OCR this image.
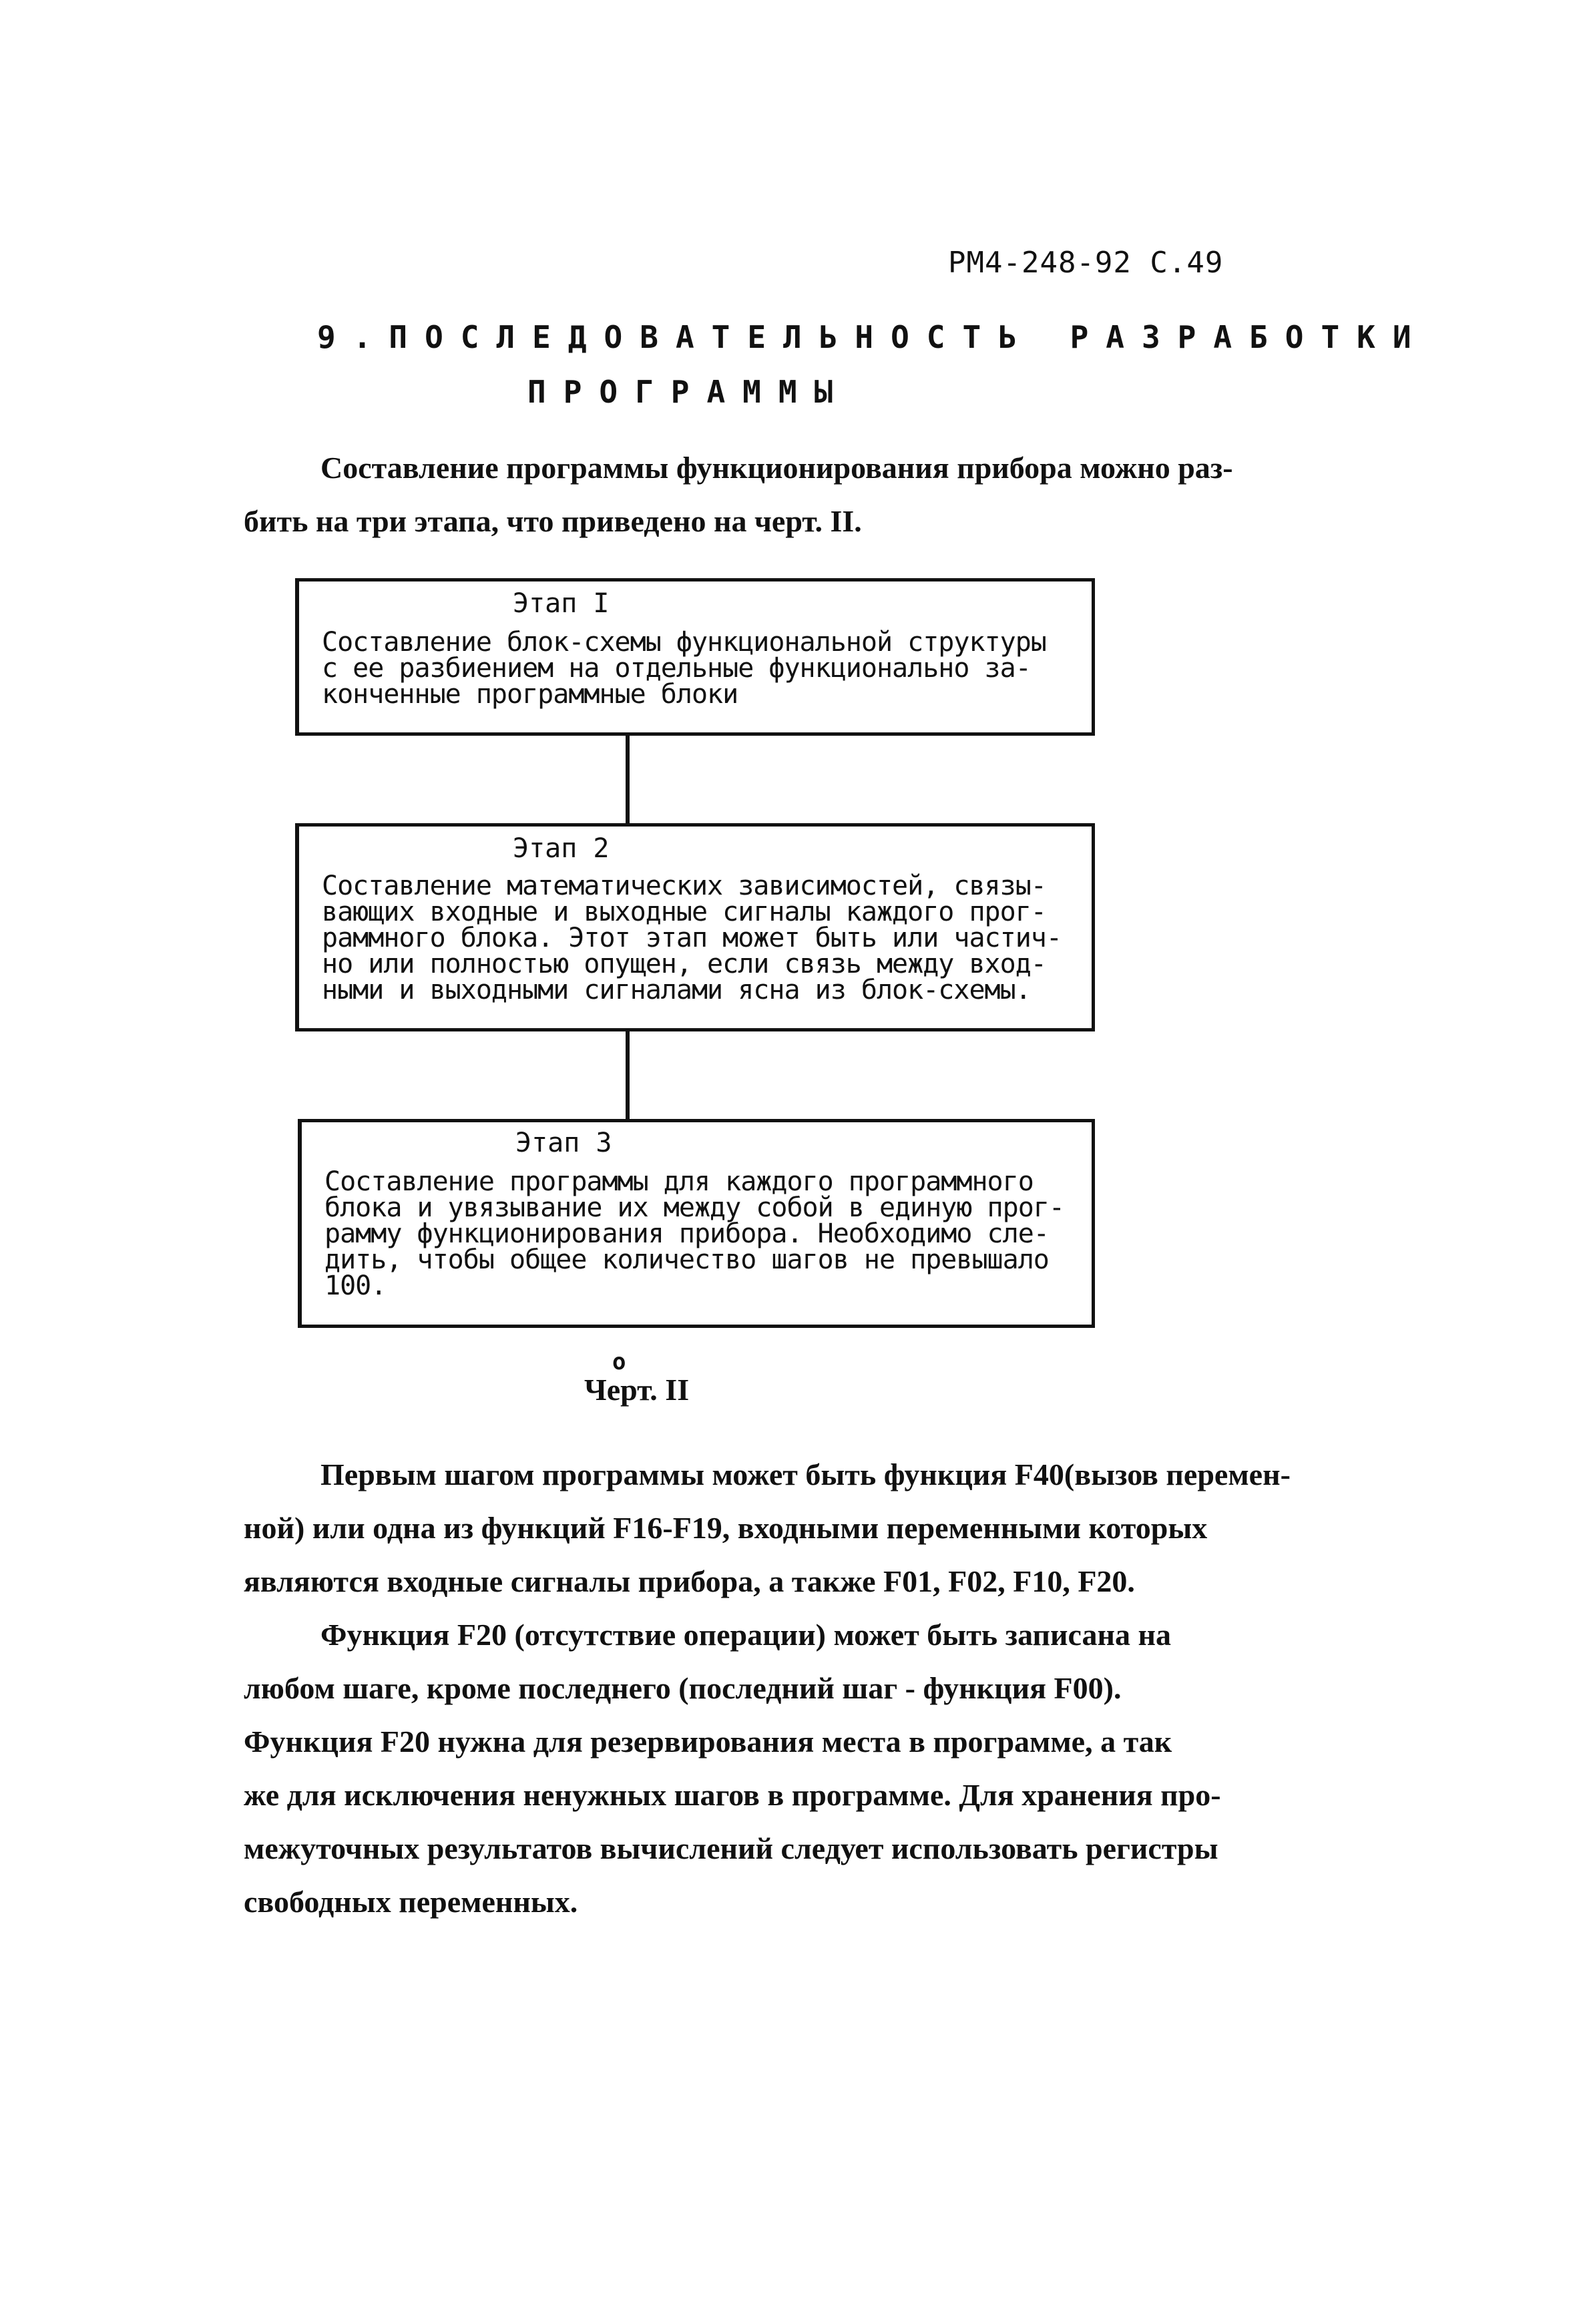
РМ4-248-92 С.49
9.ПОСЛЕДОВАТЕЛЬНОСТЬ РАЗРАБОТКИ
ПРОГРАММЫ
Составление программы функционирования прибора можно раз-
бить на три этапа, что приведено на черт. II.
Этап I
Составление блок-схемы функциональной структуры
с ее разбиением на отдельные функционально за-
конченные программные блоки
Этап 2
Составление математических зависимостей, связы-
вающих входные и выходные сигналы каждого прог-
раммного блока. Этот этап может быть или частич-
но или полностью опущен, если связь между вход-
ными и выходными сигналами ясна из блок-схемы.
Этап 3
Составление программы для каждого программного
блока и увязывание их между собой в единую прог-
рамму функционирования прибора. Необходимо сле-
дить, чтобы общее количество шагов не превышало
100.
о
Черт. II
Первым шагом программы может быть функция F40(вызов перемен-
ной) или одна из функций F16-F19, входными переменными которых
являются входные сигналы прибора, а также F01, F02, F10, F20.
Функция F20 (отсутствие операции) может быть записана на
любом шаге, кроме последнего (последний шаг - функция F00).
Функция F20 нужна для резервирования места в программе, а так
же для исключения ненужных шагов в программе. Для хранения про-
межуточных результатов вычислений следует использовать регистры
свободных переменных.
